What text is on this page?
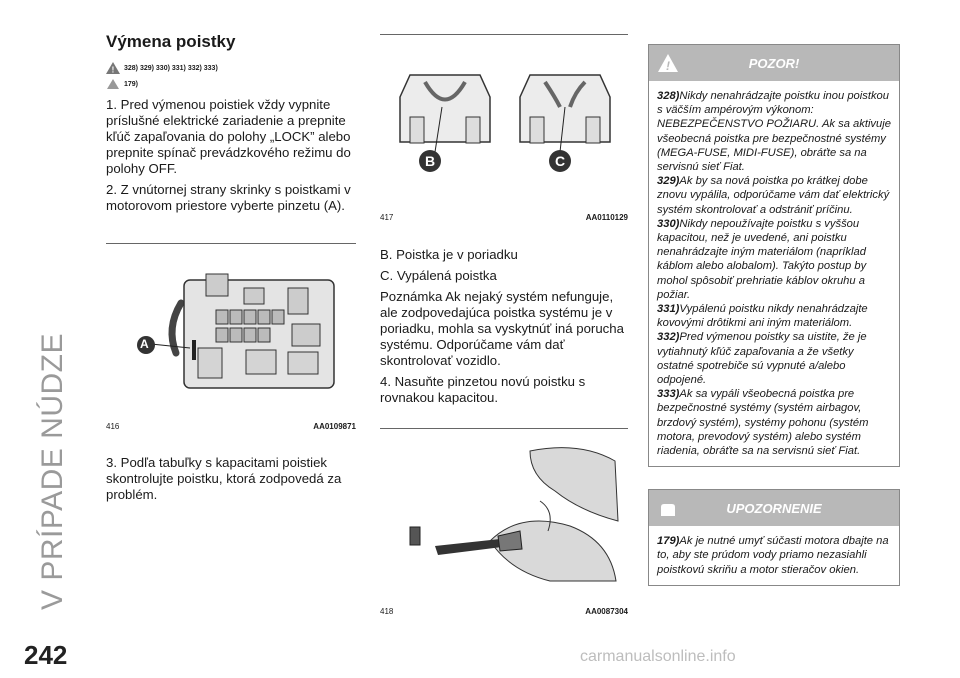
V PRÍPADE NÚDZE
242
Výmena poistky
! 328) 329) 330) 331) 332) 333)
179)

1. Pred výmenou poistiek vždy vypnite príslušné elektrické zariadenie a prepnite kľúč zapaľovania do polohy „LOCK” alebo prepnite spínač prevádzkového režimu do polohy OFF.

2. Z vnútornej strany skrinky s poistkami v motorovom priestore vyberte pinzetu (A).

A
416	AA0109871

3. Podľa tabuľky s kapacitami poistiek skontrolujte poistku, ktorá zodpovedá za problém.

B	C
417	AA0110129

B. Poistka je v poriadku

C. Vypálená poistka

Poznámka Ak nejaký systém nefunguje, ale zodpovedajúca poistka systému je v poriadku, mohla sa vyskytnúť iná porucha systému. Odporúčame vám dať skontrolovať vozidlo.

4. Nasuňte pinzetou novú poistku s rovnakou kapacitou.

418	AA0087304
!	POZOR!

328)Nikdy nenahrádzajte poistku inou poistkou s väčším ampérovým výkonom: NEBEZPEČENSTVO POŽIARU. Ak sa aktivuje všeobecná poistka pre bezpečnostné systémy (MEGA-FUSE, MIDI-FUSE), obráťte sa na servisnú sieť Fiat.

329)Ak by sa nová poistka po krátkej dobe znovu vypálila, odporúčame vám dať elektrický systém skontrolovať a odstrániť príčinu.

330)Nikdy nepoužívajte poistku s vyššou kapacitou, než je uvedené, ani poistku nenahrádzajte iným materiálom (napríklad káblom alebo alobalom). Takýto postup by mohol spôsobiť prehriatie káblov okruhu a požiar.

331)Vypálenú poistku nikdy nenahrádzajte kovovými drôtikmi ani iným materiálom.

332)Pred výmenou poistky sa uistite, že je vytiahnutý kľúč zapaľovania a že všetky ostatné spotrebiče sú vypnuté a/alebo odpojené.

333)Ak sa vypáli všeobecná poistka pre bezpečnostné systémy (systém airbagov, brzdový systém), systémy pohonu (systém motora, prevodový systém) alebo systém riadenia, obráťte sa na servisnú sieť Fiat.

UPOZORNENIE

179)Ak je nutné umyť súčasti motora dbajte na to, aby ste prúdom vody priamo nezasiahli poistkovú skriňu a motor stieračov okien.

carmanualsonline.info
